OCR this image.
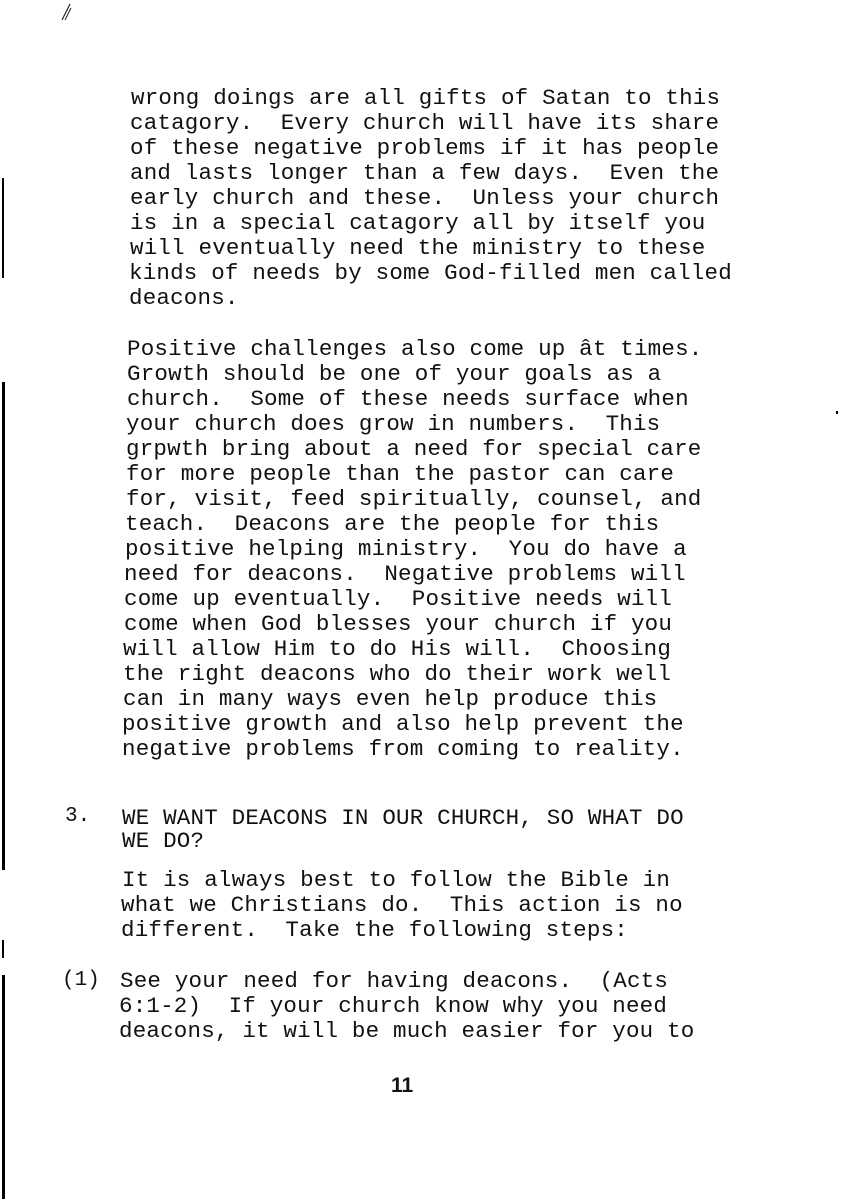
wrong doings are all gifts of Satan to this
catagory.  Every church will have its share
of these negative problems if it has people
and lasts longer than a few days.  Even the
early church and these.  Unless your church
is in a special catagory all by itself you
will eventually need the ministry to these
kinds of needs by some God-filled men called
deacons.
Positive challenges also come up ât times.
Growth should be one of your goals as a
church.  Some of these needs surface when
your church does grow in numbers.  This
grpwth bring about a need for special care
for more people than the pastor can care
for, visit, feed spiritually, counsel, and
teach.  Deacons are the people for this
positive helping ministry.  You do have a
need for deacons.  Negative problems will
come up eventually.  Positive needs will
come when God blesses your church if you
will allow Him to do His will.  Choosing
the right deacons who do their work well
can in many ways even help produce this
positive growth and also help prevent the
negative problems from coming to reality.
3. WE WANT DEACONS IN OUR CHURCH, SO WHAT DO
WE DO?
It is always best to follow the Bible in
what we Christians do.  This action is no
different.  Take the following steps:
(1) See your need for having deacons.  (Acts
6:1-2)  If your church know why you need
deacons, it will be much easier for you to
11
